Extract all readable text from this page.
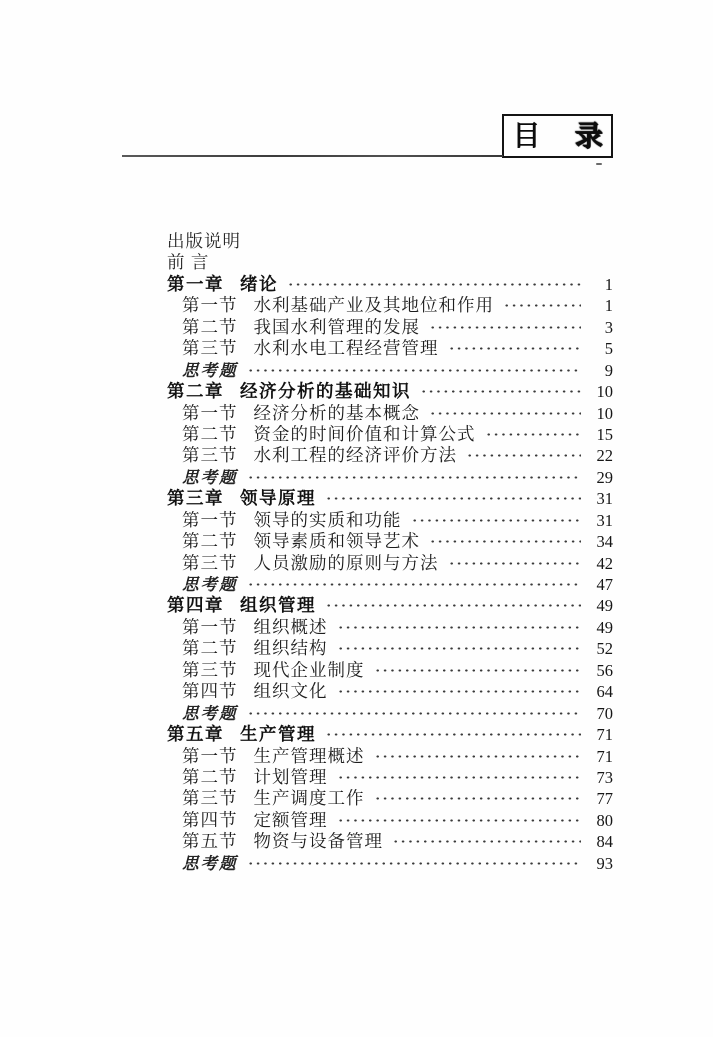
目 录
出版说明
前 言
第一章 绪论	1
第一节 水利基础产业及其地位和作用	1
第二节 我国水利管理的发展	3
第三节 水利水电工程经营管理	5
思考题	9
第二章 经济分析的基础知识	10
第一节 经济分析的基本概念	10
第二节 资金的时间价值和计算公式	15
第三节 水利工程的经济评价方法	22
思考题	29
第三章 领导原理	31
第一节 领导的实质和功能	31
第二节 领导素质和领导艺术	34
第三节 人员激励的原则与方法	42
思考题	47
第四章 组织管理	49
第一节 组织概述	49
第二节 组织结构	52
第三节 现代企业制度	56
第四节 组织文化	64
思考题	70
第五章 生产管理	71
第一节 生产管理概述	71
第二节 计划管理	73
第三节 生产调度工作	77
第四节 定额管理	80
第五节 物资与设备管理	84
思考题	93
